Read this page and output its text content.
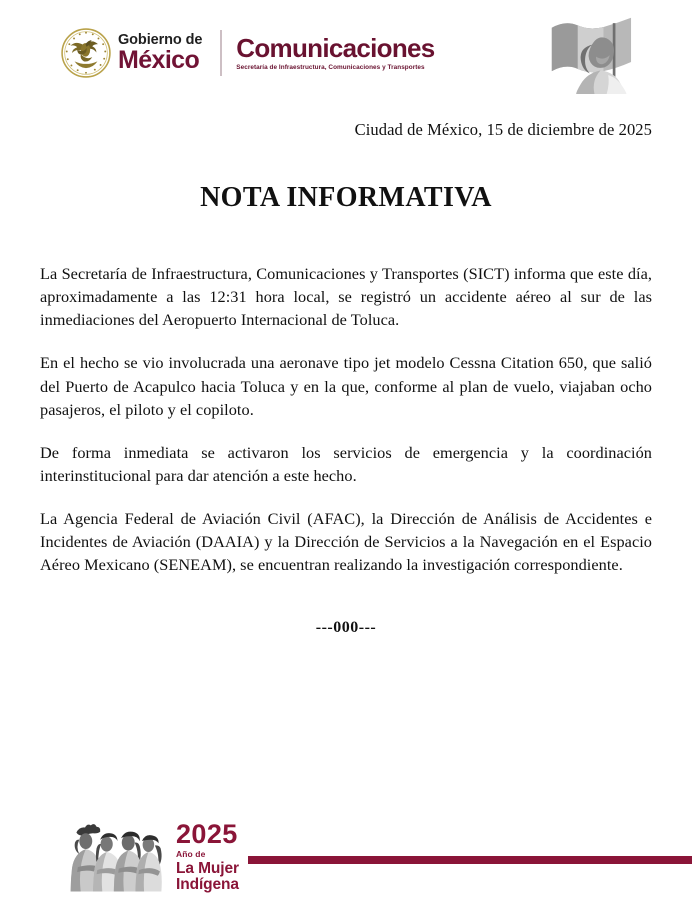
Gobierno de
México Comunicaciones
Secretaría de Infraestructura, Comunicaciones y Transportes
Ciudad de México, 15 de diciembre de 2025
NOTA INFORMATIVA

La Secretaría de Infraestructura, Comunicaciones y Transportes (SICT) informa que este día, aproximadamente a las 12:31 hora local, se registró un accidente aéreo al sur de las inmediaciones del Aeropuerto Internacional de Toluca.

En el hecho se vio involucrada una aeronave tipo jet modelo Cessna Citation 650, que salió del Puerto de Acapulco hacia Toluca y en la que, conforme al plan de vuelo, viajaban ocho pasajeros, el piloto y el copiloto.

De forma inmediata se activaron los servicios de emergencia y la coordinación interinstitucional para dar atención a este hecho.

La Agencia Federal de Aviación Civil (AFAC), la Dirección de Análisis de Accidentes e Incidentes de Aviación (DAAIA) y la Dirección de Servicios a la Navegación en el Espacio Aéreo Mexicano (SENEAM), se encuentran realizando la investigación correspondiente.

---000---
2025
Año de
La Mujer
Indígena
